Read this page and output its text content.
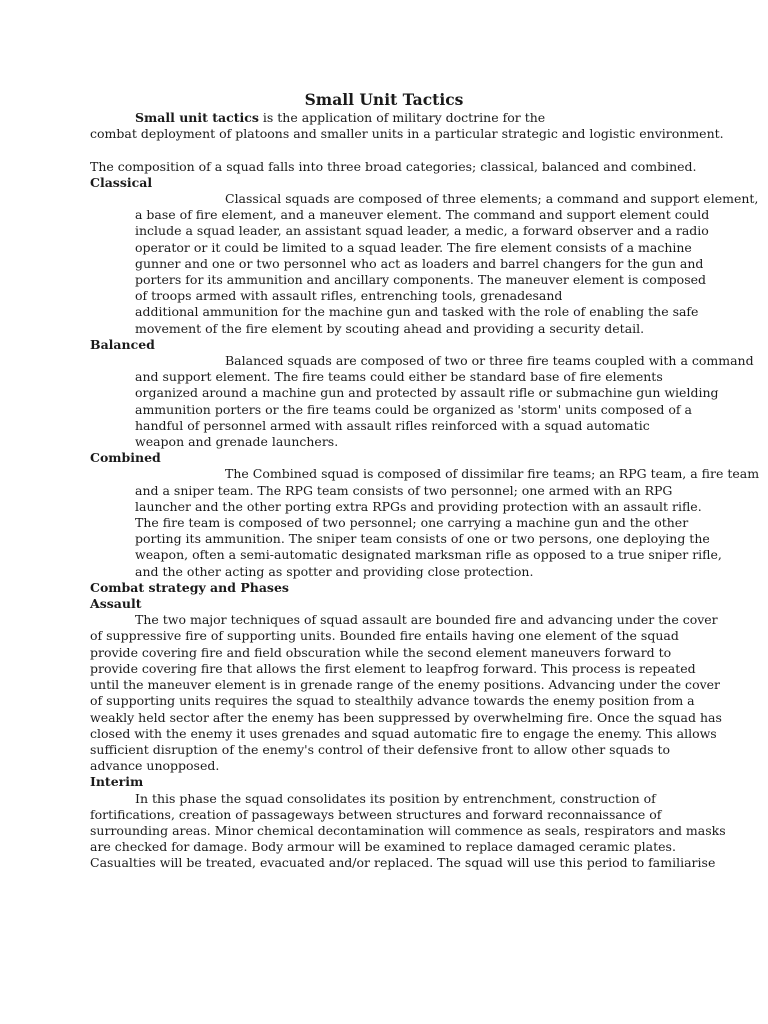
Small Unit Tactics
Small unit tactics is the application of military doctrine for the
combat deployment of platoons and smaller units in a particular strategic and logistic environment.
The composition of a squad falls into three broad categories; classical, balanced and combined.
Classical
Classical squads are composed of three elements; a command and support element,
a base of fire element, and a maneuver element. The command and support element could
include a squad leader, an assistant squad leader, a medic, a forward observer and a radio
operator or it could be limited to a squad leader. The fire element consists of a machine
gunner and one or two personnel who act as loaders and barrel changers for the gun and
porters for its ammunition and ancillary components. The maneuver element is composed
of troops armed with assault rifles, entrenching tools, grenadesand
additional ammunition for the machine gun and tasked with the role of enabling the safe
movement of the fire element by scouting ahead and providing a security detail.
Balanced
Balanced squads are composed of two or three fire teams coupled with a command
and support element. The fire teams could either be standard base of fire elements
organized around a machine gun and protected by assault rifle or submachine gun wielding
ammunition porters or the fire teams could be organized as 'storm' units composed of a
handful of personnel armed with assault rifles reinforced with a squad automatic
weapon and grenade launchers.
Combined
The Combined squad is composed of dissimilar fire teams; an RPG team, a fire team
and a sniper team. The RPG team consists of two personnel; one armed with an RPG
launcher and the other porting extra RPGs and providing protection with an assault rifle.
The fire team is composed of two personnel; one carrying a machine gun and the other
porting its ammunition. The sniper team consists of one or two persons, one deploying the
weapon, often a semi-automatic designated marksman rifle as opposed to a true sniper rifle,
and the other acting as spotter and providing close protection.
Combat strategy and Phases
Assault
The two major techniques of squad assault are bounded fire and advancing under the cover
of suppressive fire of supporting units. Bounded fire entails having one element of the squad
provide covering fire and field obscuration while the second element maneuvers forward to
provide covering fire that allows the first element to leapfrog forward. This process is repeated
until the maneuver element is in grenade range of the enemy positions. Advancing under the cover
of supporting units requires the squad to stealthily advance towards the enemy position from a
weakly held sector after the enemy has been suppressed by overwhelming fire. Once the squad has
closed with the enemy it uses grenades and squad automatic fire to engage the enemy. This allows
sufficient disruption of the enemy's control of their defensive front to allow other squads to
advance unopposed.
Interim
In this phase the squad consolidates its position by entrenchment, construction of
fortifications, creation of passageways between structures and forward reconnaissance of
surrounding areas. Minor chemical decontamination will commence as seals, respirators and masks
are checked for damage. Body armour will be examined to replace damaged ceramic plates.
Casualties will be treated, evacuated and/or replaced. The squad will use this period to familiarise
